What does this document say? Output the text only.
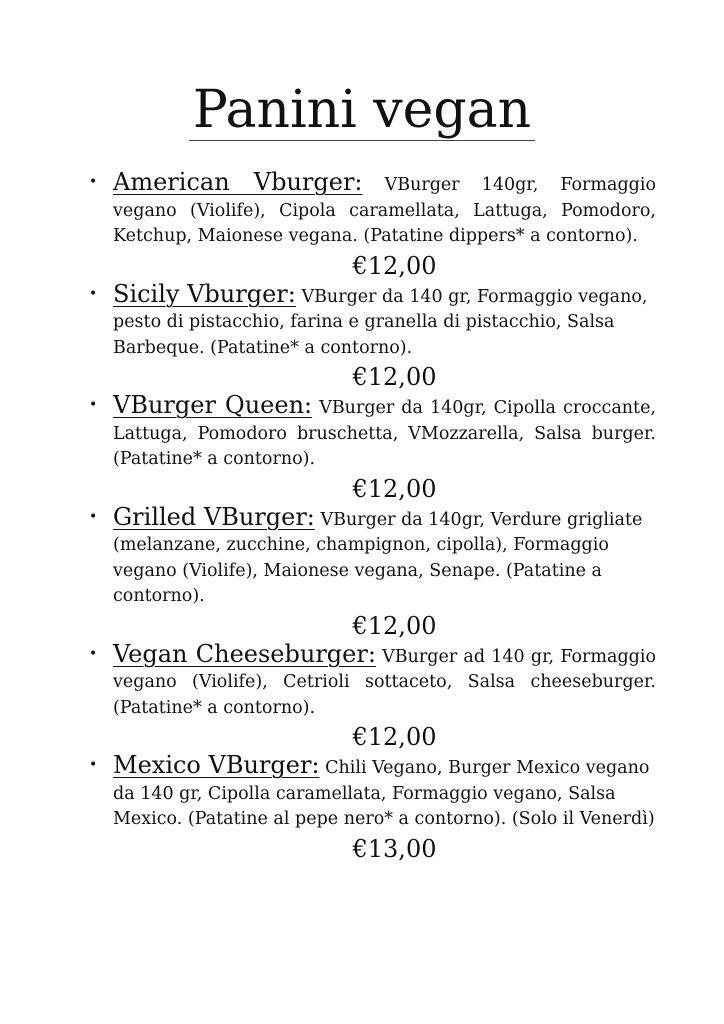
Panini vegan
• American Vburger: VBurger 140gr, Formaggio vegano (Violife), Cipola caramellata, Lattuga, Pomodoro, Ketchup, Maionese vegana. (Patatine dippers* a contorno).
€12,00
• Sicily Vburger: VBurger da 140 gr, Formaggio vegano, pesto di pistacchio, farina e granella di pistacchio, Salsa Barbeque. (Patatine* a contorno).
€12,00
• VBurger Queen: VBurger da 140gr, Cipolla croccante, Lattuga, Pomodoro bruschetta, VMozzarella, Salsa burger. (Patatine* a contorno).
€12,00
• Grilled VBurger: VBurger da 140gr, Verdure grigliate (melanzane, zucchine, champignon, cipolla), Formaggio vegano (Violife), Maionese vegana, Senape. (Patatine a contorno).
€12,00
• Vegan Cheeseburger: VBurger ad 140 gr, Formaggio vegano (Violife), Cetrioli sottaceto, Salsa cheeseburger. (Patatine* a contorno).
€12,00
• Mexico VBurger: Chili Vegano, Burger Mexico vegano da 140 gr, Cipolla caramellata, Formaggio vegano, Salsa Mexico. (Patatine al pepe nero* a contorno). (Solo il Venerdì)
€13,00
